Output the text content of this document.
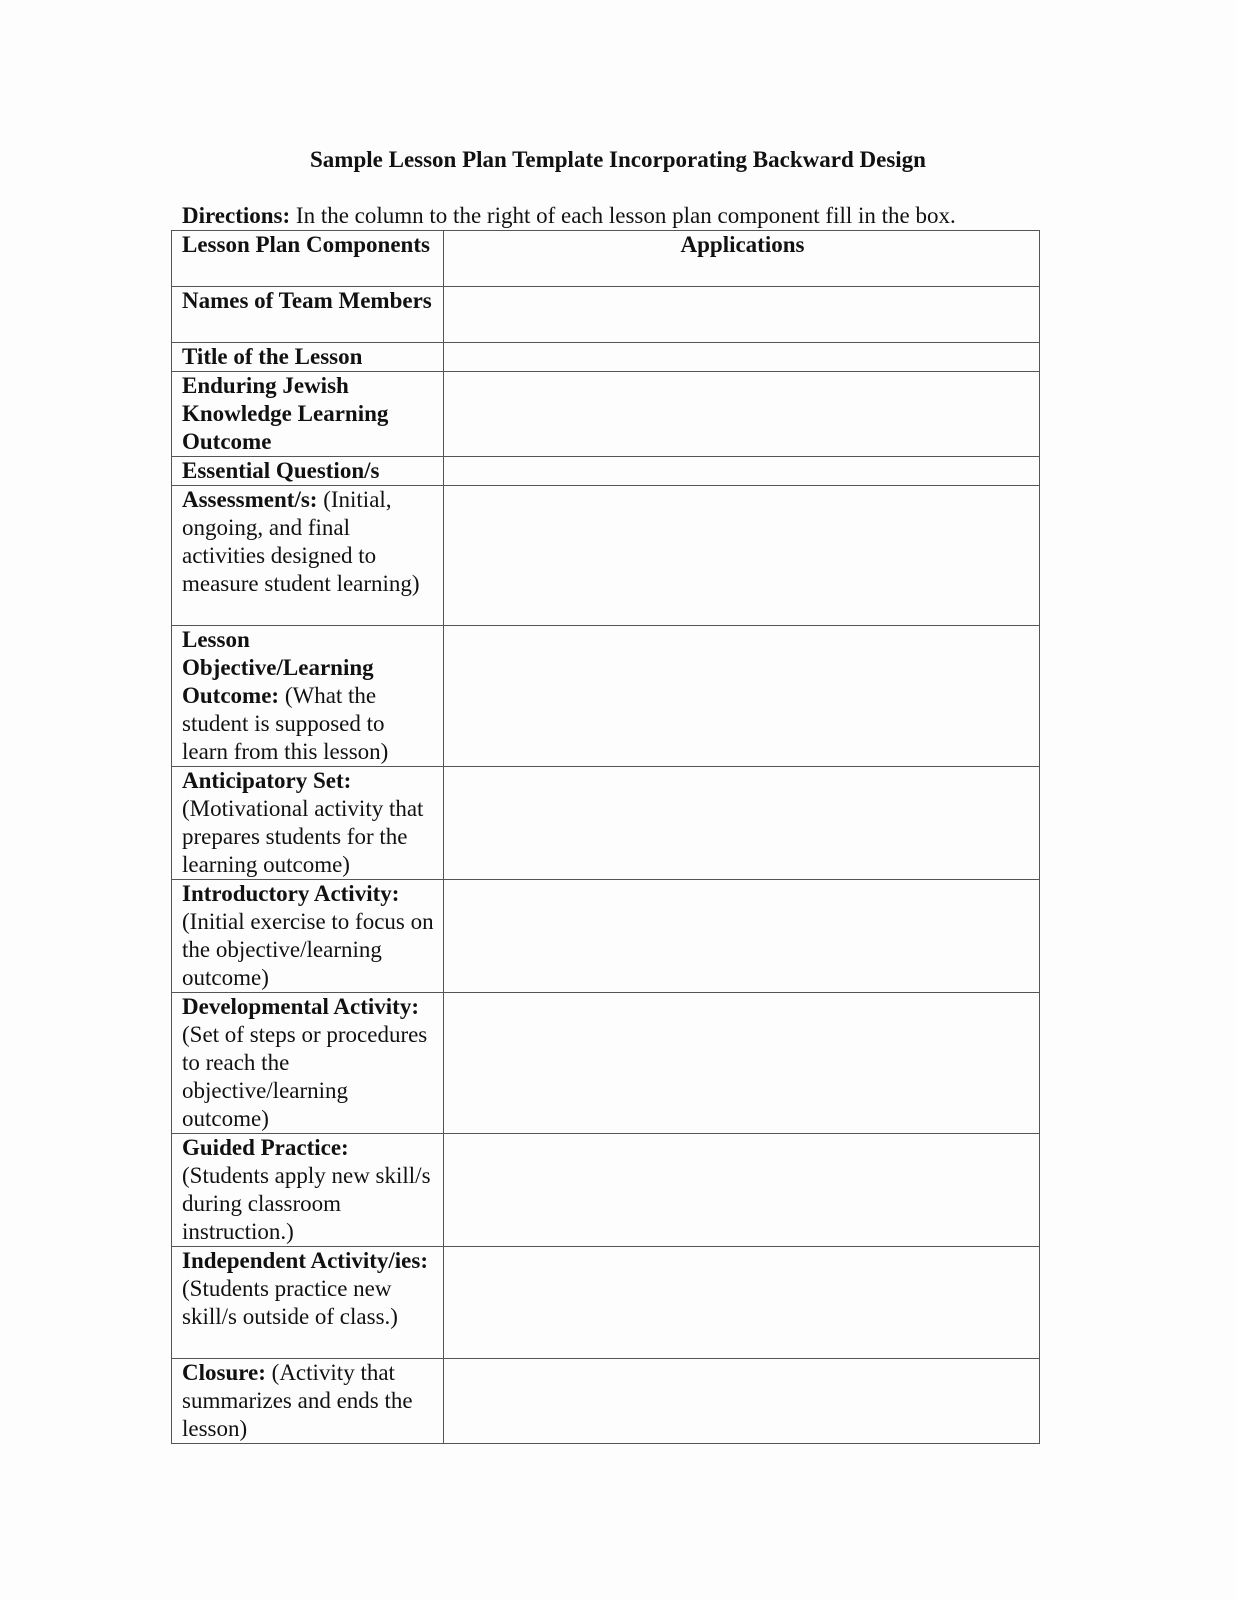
Sample Lesson Plan Template Incorporating Backward Design
Directions: In the column to the right of each lesson plan component fill in the box.
Lesson Plan Components	Applications
Names of Team Members	
Title of the Lesson	
Enduring Jewish Knowledge Learning Outcome	
Essential Question/s	
Assessment/s: (Initial, ongoing, and final activities designed to measure student learning)	
Lesson Objective/Learning Outcome: (What the student is supposed to learn from this lesson)	
Anticipatory Set: (Motivational activity that prepares students for the learning outcome)	
Introductory Activity: (Initial exercise to focus on the objective/learning outcome)	
Developmental Activity: (Set of steps or procedures to reach the objective/learning outcome)	
Guided Practice: (Students apply new skill/s during classroom instruction.)	
Independent Activity/ies: (Students practice new skill/s outside of class.)	
Closure: (Activity that summarizes and ends the lesson)	
